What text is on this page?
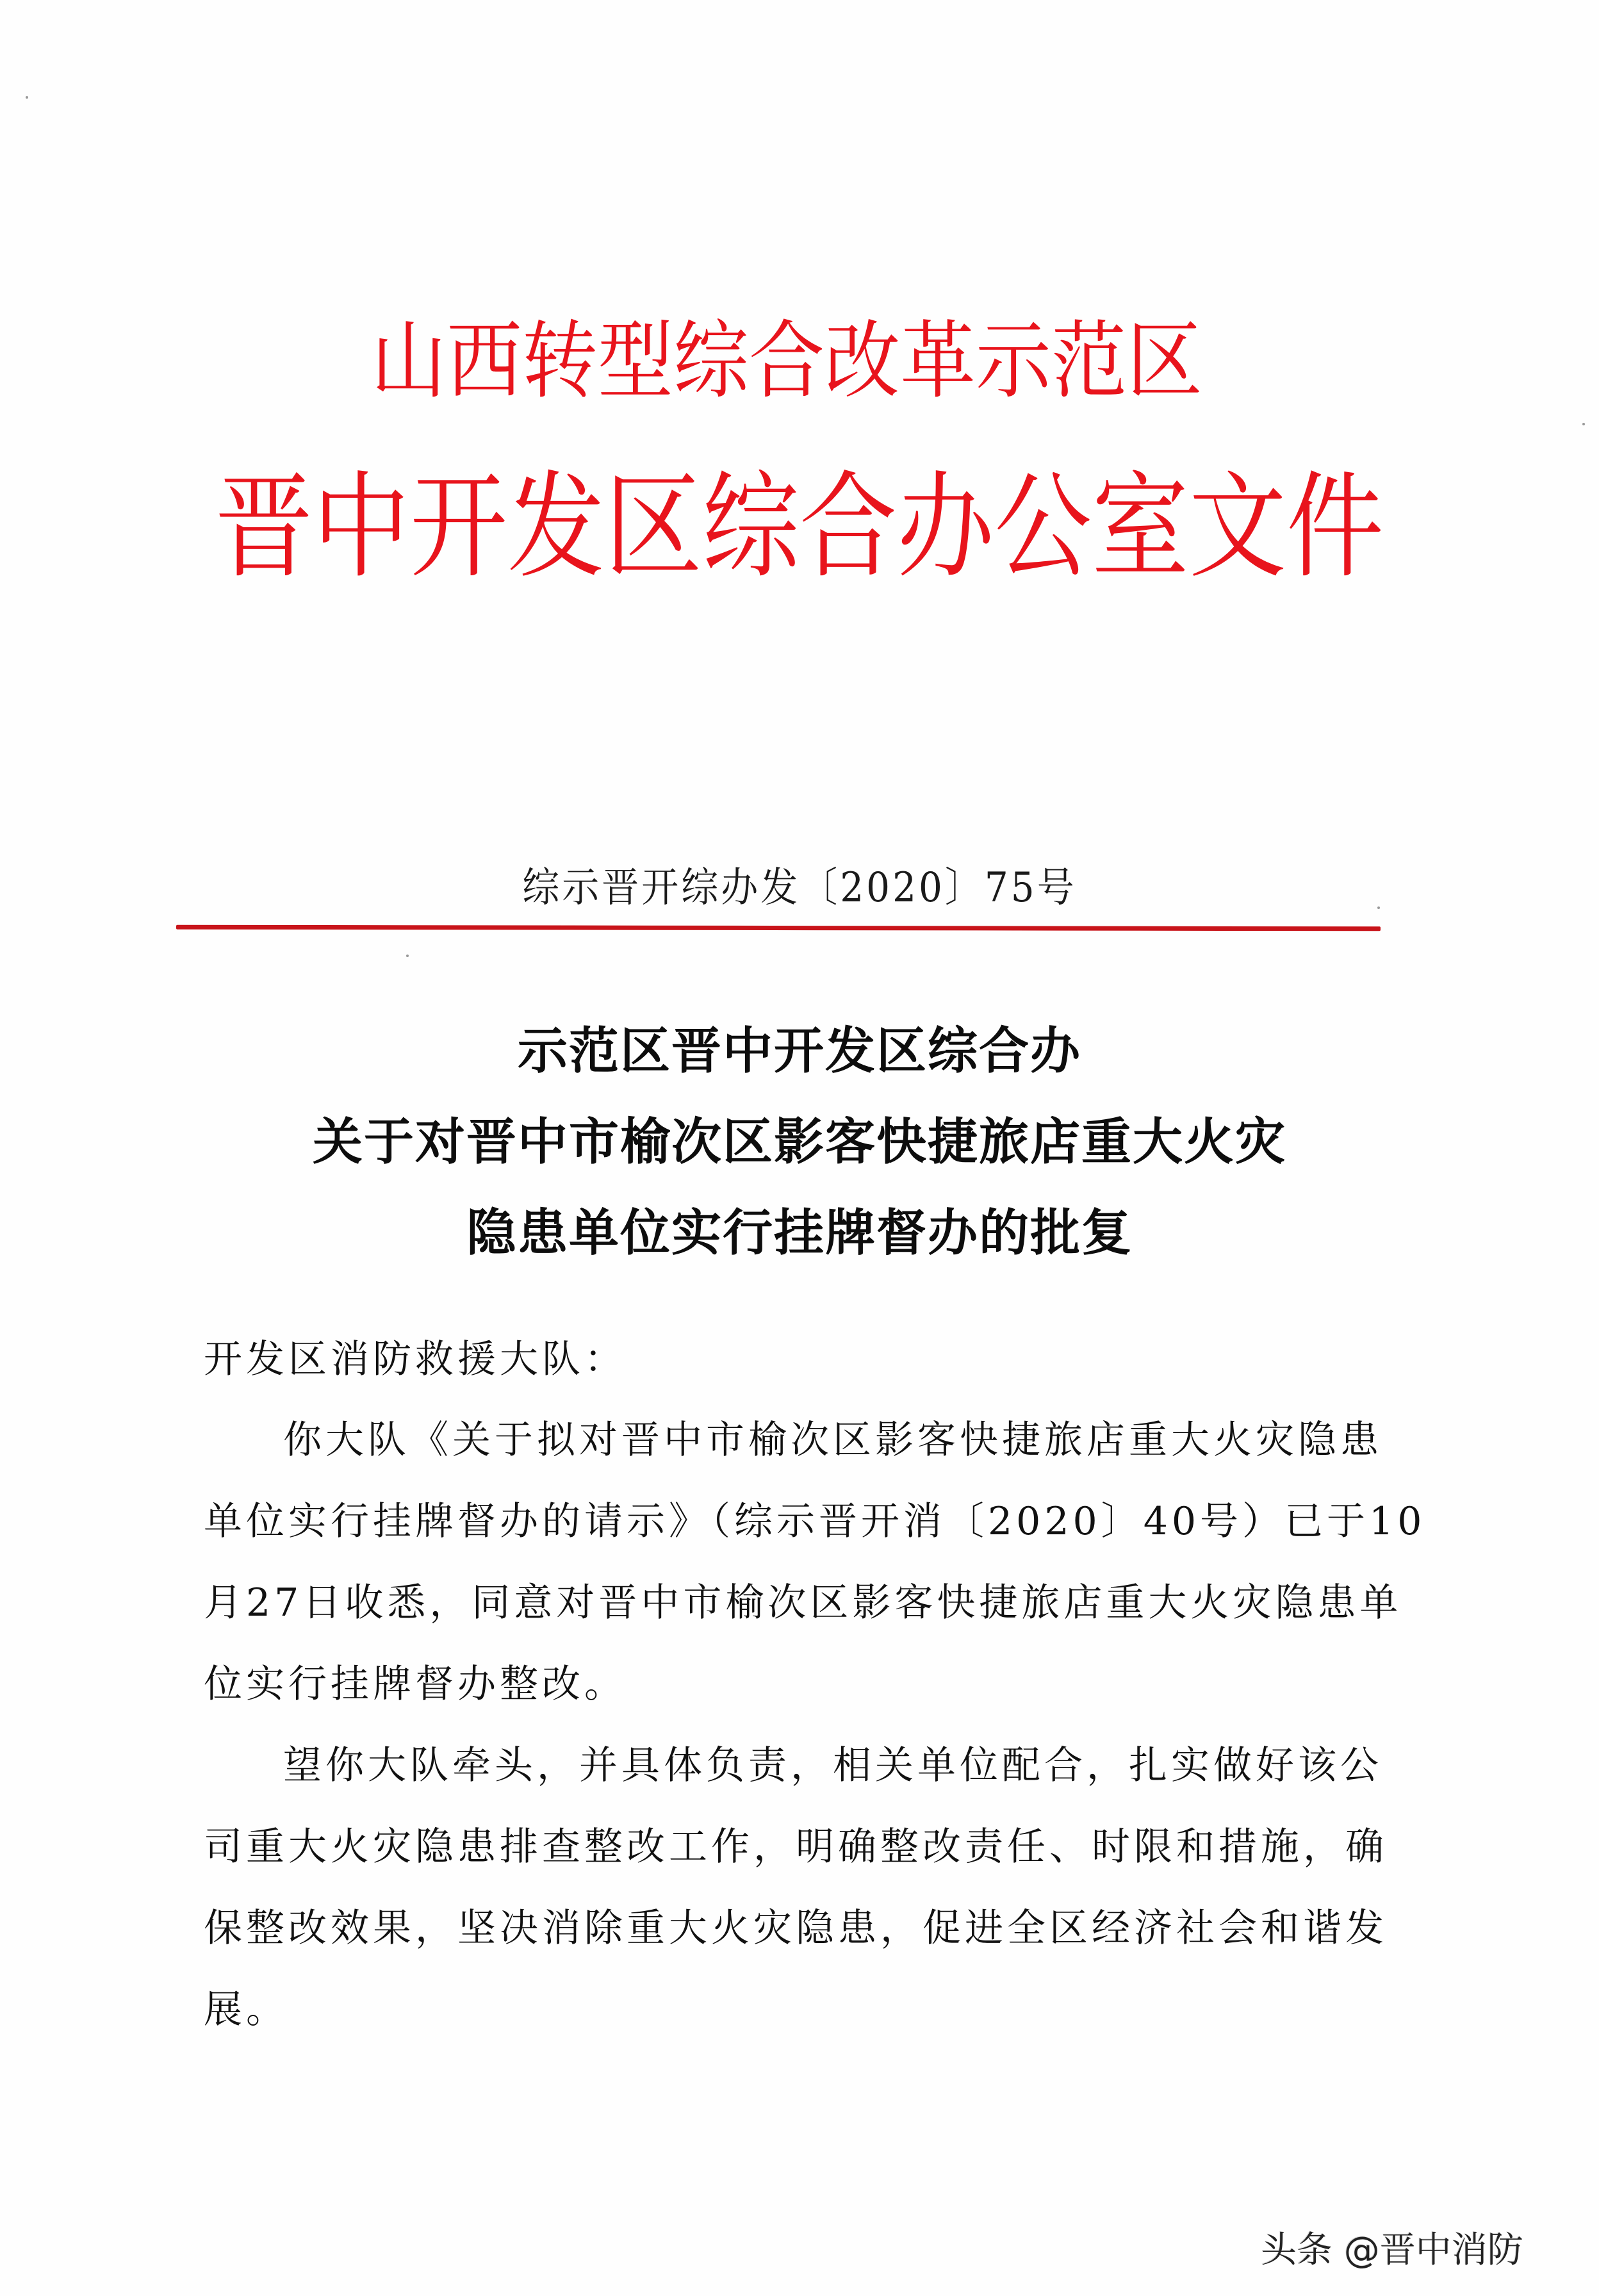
山西转型综合改革示范区
晋中开发区综合办公室文件
综示晋开综办发〔2020〕75号
示范区晋中开发区综合办
关于对晋中市榆次区影客快捷旅店重大火灾
隐患单位实行挂牌督办的批复
开发区消防救援大队：
你大队《关于拟对晋中市榆次区影客快捷旅店重大火灾隐患
单位实行挂牌督办的请示》（综示晋开消〔2020〕40号）已于10
月27日收悉，同意对晋中市榆次区影客快捷旅店重大火灾隐患单
位实行挂牌督办整改。
望你大队牵头，并具体负责，相关单位配合，扎实做好该公
司重大火灾隐患排查整改工作，明确整改责任、时限和措施，确
保整改效果，坚决消除重大火灾隐患，促进全区经济社会和谐发
展。
头条 @晋中消防
